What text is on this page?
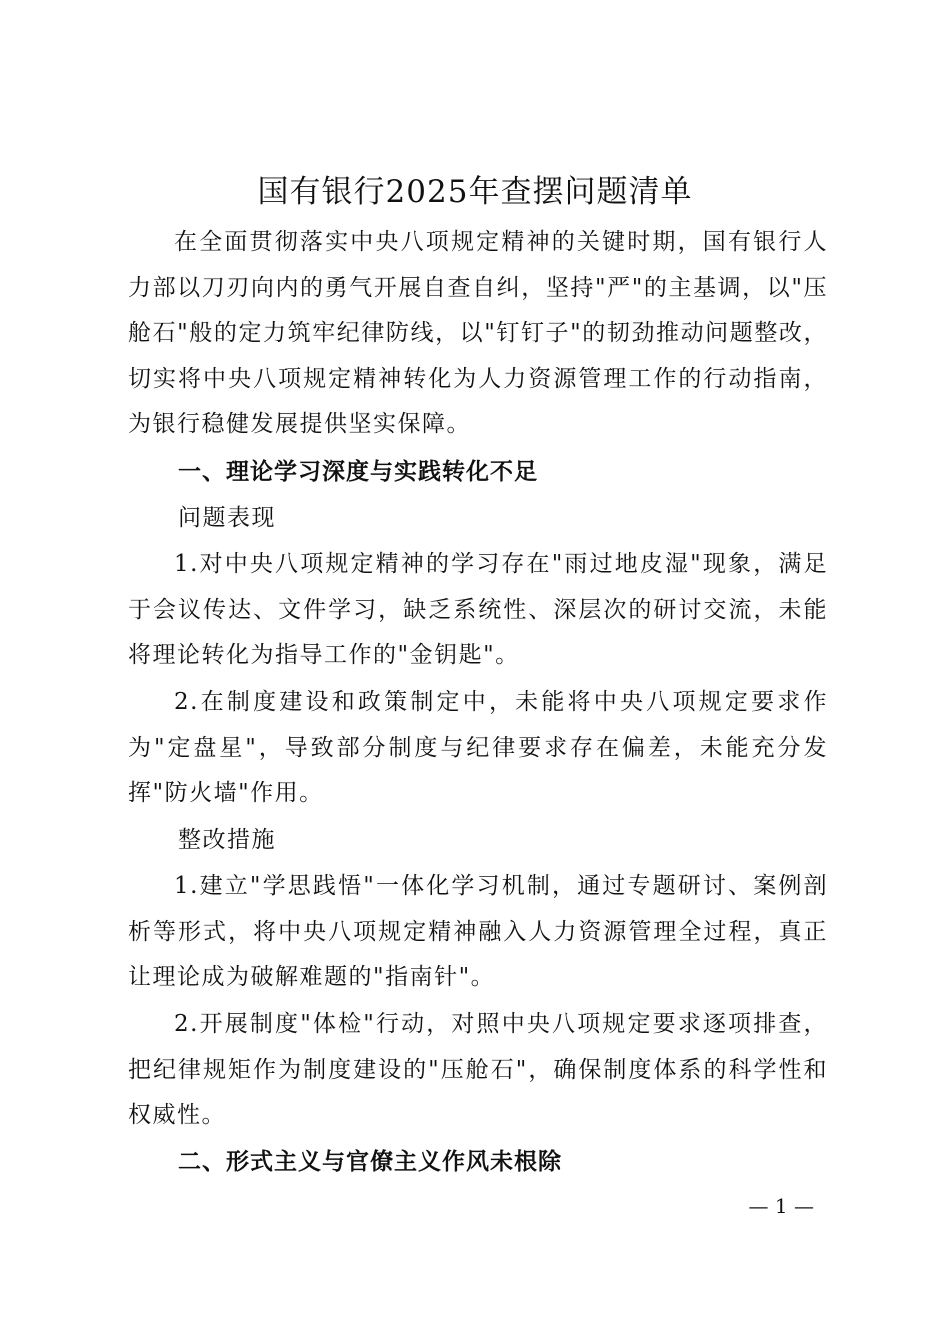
国有银行2025年查摆问题清单

在全面贯彻落实中央八项规定精神的关键时期，国有银行人力部以刀刃向内的勇气开展自查自纠，坚持"严"的主基调，以"压舱石"般的定力筑牢纪律防线，以"钉钉子"的韧劲推动问题整改，切实将中央八项规定精神转化为人力资源管理工作的行动指南，为银行稳健发展提供坚实保障。

一、理论学习深度与实践转化不足

问题表现

1.对中央八项规定精神的学习存在"雨过地皮湿"现象，满足于会议传达、文件学习，缺乏系统性、深层次的研讨交流，未能将理论转化为指导工作的"金钥匙"。

2.在制度建设和政策制定中，未能将中央八项规定要求作为"定盘星"，导致部分制度与纪律要求存在偏差，未能充分发挥"防火墙"作用。

整改措施

1.建立"学思践悟"一体化学习机制，通过专题研讨、案例剖析等形式，将中央八项规定精神融入人力资源管理全过程，真正让理论成为破解难题的"指南针"。

2.开展制度"体检"行动，对照中央八项规定要求逐项排查，把纪律规矩作为制度建设的"压舱石"，确保制度体系的科学性和权威性。

二、形式主义与官僚主义作风未根除

— 1 —
